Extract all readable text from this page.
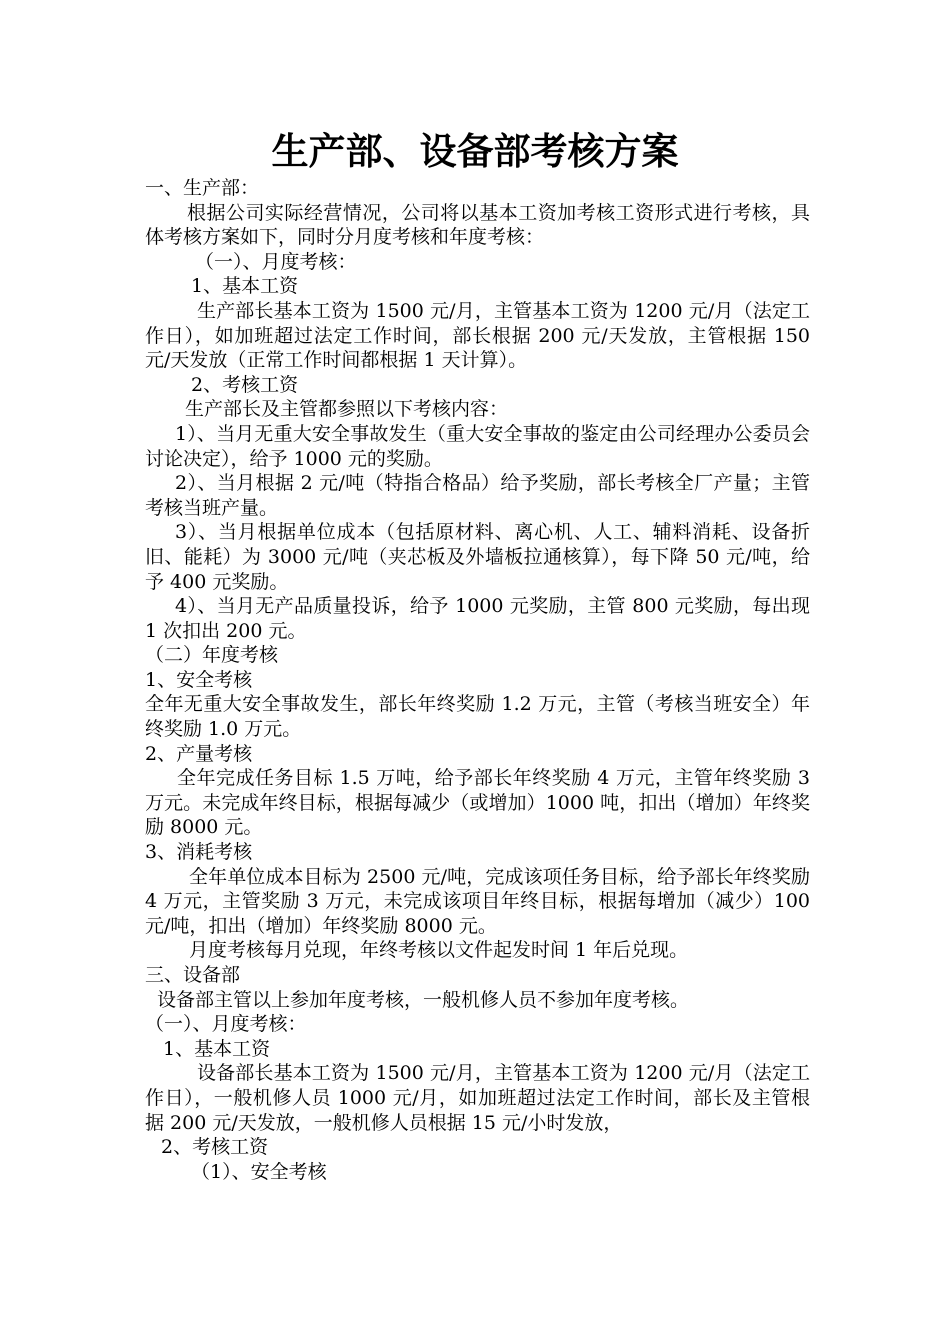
生产部、设备部考核方案

一、生产部：

根据公司实际经营情况，公司将以基本工资加考核工资形式进行考核，具体考核方案如下，同时分月度考核和年度考核：

（一）、月度考核：

1、基本工资

生产部长基本工资为 1500 元/月，主管基本工资为 1200 元/月（法定工作日），如加班超过法定工作时间，部长根据 200 元/天发放，主管根据 150 元/天发放（正常工作时间都根据 1 天计算）。

2、考核工资

生产部长及主管都参照以下考核内容：

1）、当月无重大安全事故发生（重大安全事故的鉴定由公司经理办公委员会讨论决定），给予 1000 元的奖励。

2）、当月根据 2 元/吨（特指合格品）给予奖励，部长考核全厂产量；主管考核当班产量。

3）、当月根据单位成本（包括原材料、离心机、人工、辅料消耗、设备折旧、能耗）为 3000 元/吨（夹芯板及外墙板拉通核算），每下降 50 元/吨，给予 400 元奖励。

4）、当月无产品质量投诉，给予 1000 元奖励，主管 800 元奖励，每出现 1 次扣出 200 元。

（二）年度考核

1、安全考核

全年无重大安全事故发生，部长年终奖励 1.2 万元，主管（考核当班安全）年终奖励 1.0 万元。

2、产量考核

全年完成任务目标 1.5 万吨，给予部长年终奖励 4 万元，主管年终奖励 3 万元。未完成年终目标，根据每减少（或增加）1000 吨，扣出（增加）年终奖励 8000 元。

3、消耗考核

全年单位成本目标为 2500 元/吨，完成该项任务目标，给予部长年终奖励 4 万元，主管奖励 3 万元，未完成该项目年终目标，根据每增加（减少）100 元/吨，扣出（增加）年终奖励 8000 元。

月度考核每月兑现，年终考核以文件起发时间 1 年后兑现。

三、设备部

设备部主管以上参加年度考核，一般机修人员不参加年度考核。

（一）、月度考核：

1、基本工资

设备部长基本工资为 1500 元/月，主管基本工资为 1200 元/月（法定工作日），一般机修人员 1000 元/月，如加班超过法定工作时间，部长及主管根据 200 元/天发放，一般机修人员根据 15 元/小时发放，

2、考核工资

（1）、安全考核
